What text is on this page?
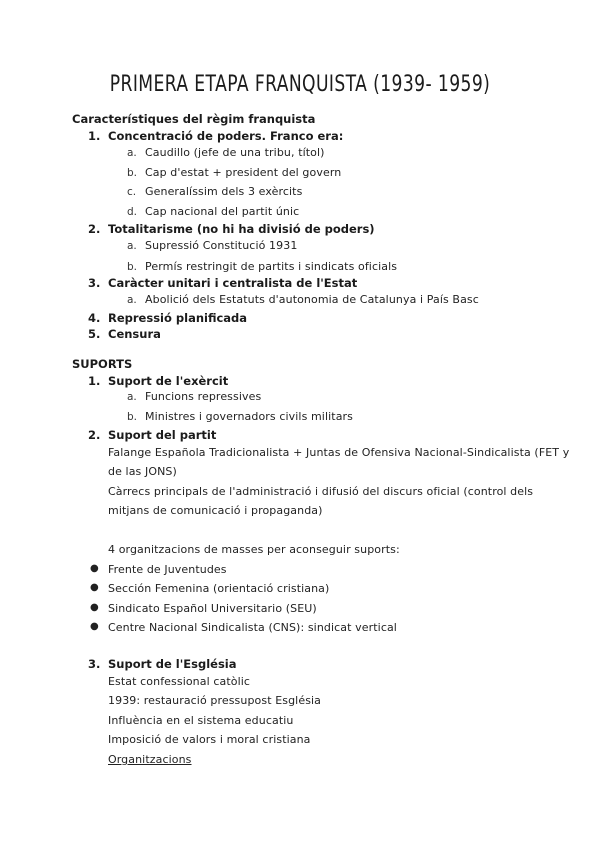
PRIMERA ETAPA FRANQUISTA (1939- 1959)
Característiques del règim franquista
1. Concentració de poders. Franco era:
a. Caudillo (jefe de una tribu, títol)
b. Cap d'estat + president del govern
c. Generalíssim dels 3 exèrcits
d. Cap nacional del partit únic
2. Totalitarisme (no hi ha divisió de poders)
a. Supressió Constitució 1931
b. Permís restringit de partits i sindicats oficials
3. Caràcter unitari i centralista de l'Estat
a. Abolició dels Estatuts d'autonomia de Catalunya i País Basc
4. Repressió planificada
5. Censura
SUPORTS
1. Suport de l'exèrcit
a. Funcions repressives
b. Ministres i governadors civils militars
2. Suport del partit
Falange Española Tradicionalista + Juntas de Ofensiva Nacional-Sindicalista (FET y
de las JONS)
Càrrecs principals de l'administració i difusió del discurs oficial (control dels
mitjans de comunicació i propaganda)
4 organitzacions de masses per aconseguir suports:
● Frente de Juventudes
● Sección Femenina (orientació cristiana)
● Sindicato Español Universitario (SEU)
● Centre Nacional Sindicalista (CNS): sindicat vertical
3. Suport de l'Església
Estat confessional catòlic
1939: restauració pressupost Església
Influència en el sistema educatiu
Imposició de valors i moral cristiana
Organitzacions
